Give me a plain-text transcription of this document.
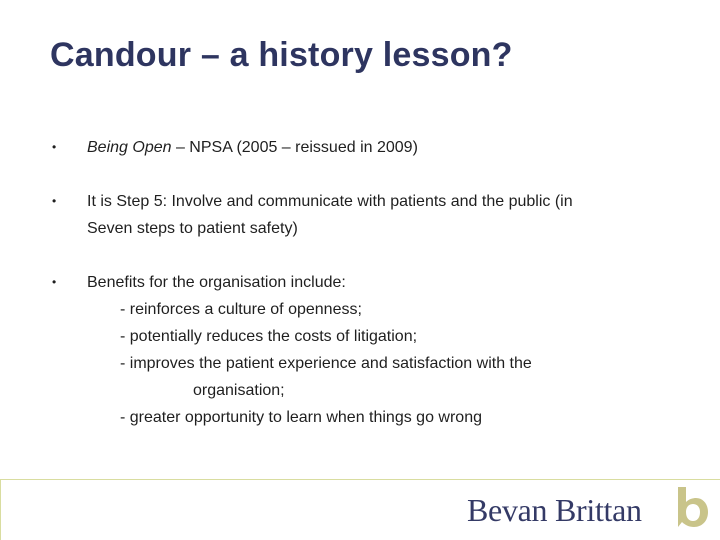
Candour – a history lesson?
• Being Open – NPSA (2005 – reissued in 2009)
• It is Step 5: Involve and communicate with patients and the public (in
Seven steps to patient safety)
• Benefits for the organisation include:
- reinforces a culture of openness;
- potentially reduces the costs of litigation;
- improves the patient experience and satisfaction with the
organisation;
- greater opportunity to learn when things go wrong
Bevan Brittan
